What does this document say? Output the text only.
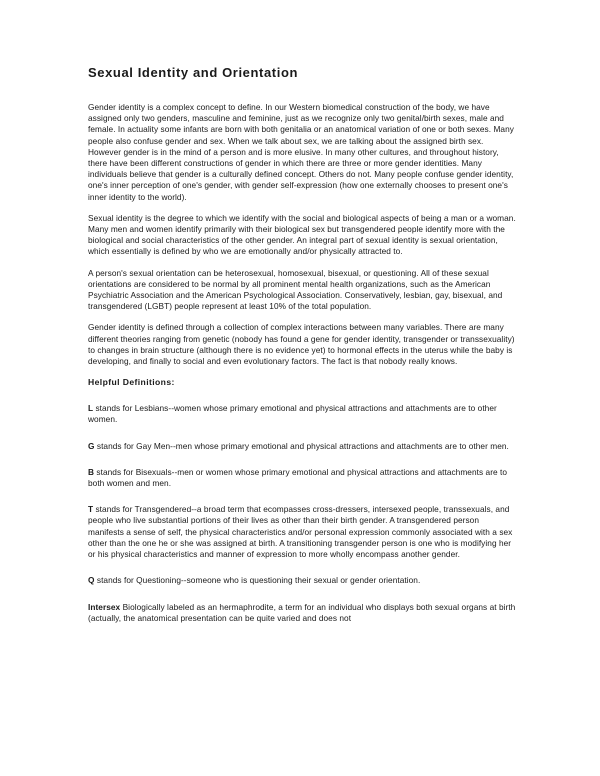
Sexual Identity and Orientation

Gender identity is a complex concept to define. In our Western biomedical construction of the body, we have assigned only two genders, masculine and feminine, just as we recognize only two genital/birth sexes, male and female. In actuality some infants are born with both genitalia or an anatomical variation of one or both sexes. Many people also confuse gender and sex. When we talk about sex, we are talking about the assigned birth sex. However gender is in the mind of a person and is more elusive. In many other cultures, and throughout history, there have been different constructions of gender in which there are three or more gender identities. Many individuals believe that gender is a culturally defined concept. Others do not. Many people confuse gender identity, one's inner perception of one's gender, with gender self-expression (how one externally chooses to present one's inner identity to the world).

Sexual identity is the degree to which we identify with the social and biological aspects of being a man or a woman. Many men and women identify primarily with their biological sex but transgendered people identify more with the biological and social characteristics of the other gender. An integral part of sexual identity is sexual orientation, which essentially is defined by who we are emotionally and/or physically attracted to.

A person's sexual orientation can be heterosexual, homosexual, bisexual, or questioning. All of these sexual orientations are considered to be normal by all prominent mental health organizations, such as the American Psychiatric Association and the American Psychological Association. Conservatively, lesbian, gay, bisexual, and transgendered (LGBT) people represent at least 10% of the total population.

Gender identity is defined through a collection of complex interactions between many variables. There are many different theories ranging from genetic (nobody has found a gene for gender identity, transgender or transsexuality) to changes in brain structure (although there is no evidence yet) to hormonal effects in the uterus while the baby is developing, and finally to social and even evolutionary factors. The fact is that nobody really knows.

Helpful Definitions:

L stands for Lesbians--women whose primary emotional and physical attractions and attachments are to other women.

G stands for Gay Men--men whose primary emotional and physical attractions and attachments are to other men.

B stands for Bisexuals--men or women whose primary emotional and physical attractions and attachments are to both women and men.

T stands for Transgendered--a broad term that ecompasses cross-dressers, intersexed people, transsexuals, and people who live substantial portions of their lives as other than their birth gender. A transgendered person manifests a sense of self, the physical characteristics and/or personal expression commonly associated with a sex other than the one he or she was assigned at birth. A transitioning transgender person is one who is modifying her or his physical characteristics and manner of expression to more wholly encompass another gender.

Q stands for Questioning--someone who is questioning their sexual or gender orientation.

Intersex Biologically labeled as an hermaphrodite, a term for an individual who displays both sexual organs at birth (actually, the anatomical presentation can be quite varied and does not
